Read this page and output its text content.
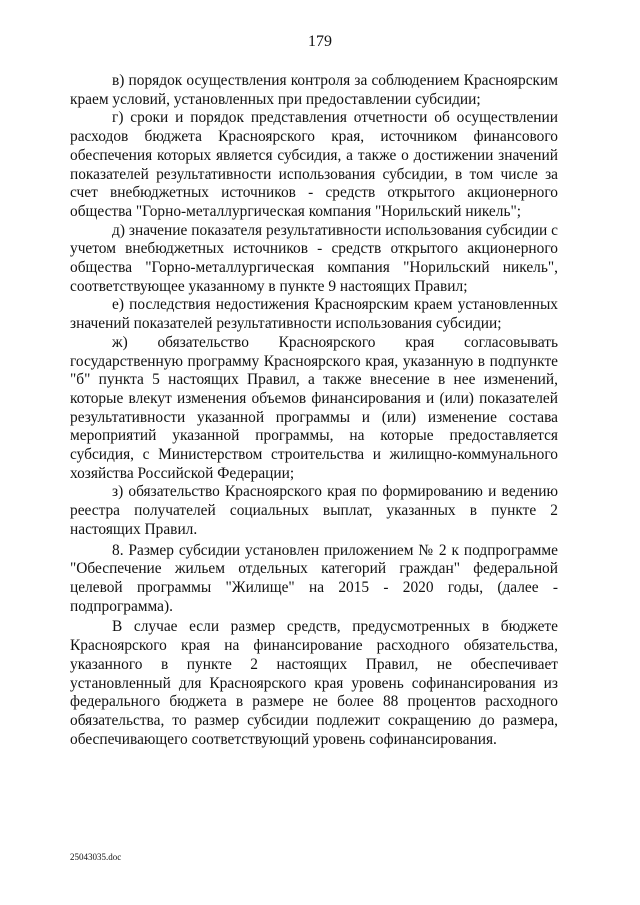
179

в) порядок осуществления контроля за соблюдением Красноярским краем условий, установленных при предоставлении субсидии;

г) сроки и порядок представления отчетности об осуществлении расходов бюджета Красноярского края, источником финансового обеспечения которых является субсидия, а также о достижении значений показателей результативности использования субсидии, в том числе за счет внебюджетных источников - средств открытого акционерного общества "Горно-металлургическая компания "Норильский никель";

д) значение показателя результативности использования субсидии с учетом внебюджетных источников - средств открытого акционерного общества "Горно-металлургическая компания "Норильский никель", соответствующее указанному в пункте 9 настоящих Правил;

е) последствия недостижения Красноярским краем установленных значений показателей результативности использования субсидии;

ж) обязательство Красноярского края согласовывать государственную программу Красноярского края, указанную в подпункте "б" пункта 5 настоящих Правил, а также внесение в нее изменений, которые влекут изменения объемов финансирования и (или) показателей результативности указанной программы и (или) изменение состава мероприятий указанной программы, на которые предоставляется субсидия, с Министерством строительства и жилищно-коммунального хозяйства Российской Федерации;

з) обязательство Красноярского края по формированию и ведению реестра получателей социальных выплат, указанных в пункте 2 настоящих Правил.

8. Размер субсидии установлен приложением № 2 к подпрограмме "Обеспечение жильем отдельных категорий граждан" федеральной целевой программы "Жилище" на 2015 - 2020 годы, (далее - подпрограмма).

В случае если размер средств, предусмотренных в бюджете Красноярского края на финансирование расходного обязательства, указанного в пункте 2 настоящих Правил, не обеспечивает установленный для Красноярского края уровень софинансирования из федерального бюджета в размере не более 88 процентов расходного обязательства, то размер субсидии подлежит сокращению до размера, обеспечивающего соответствующий уровень софинансирования.

25043035.doc
